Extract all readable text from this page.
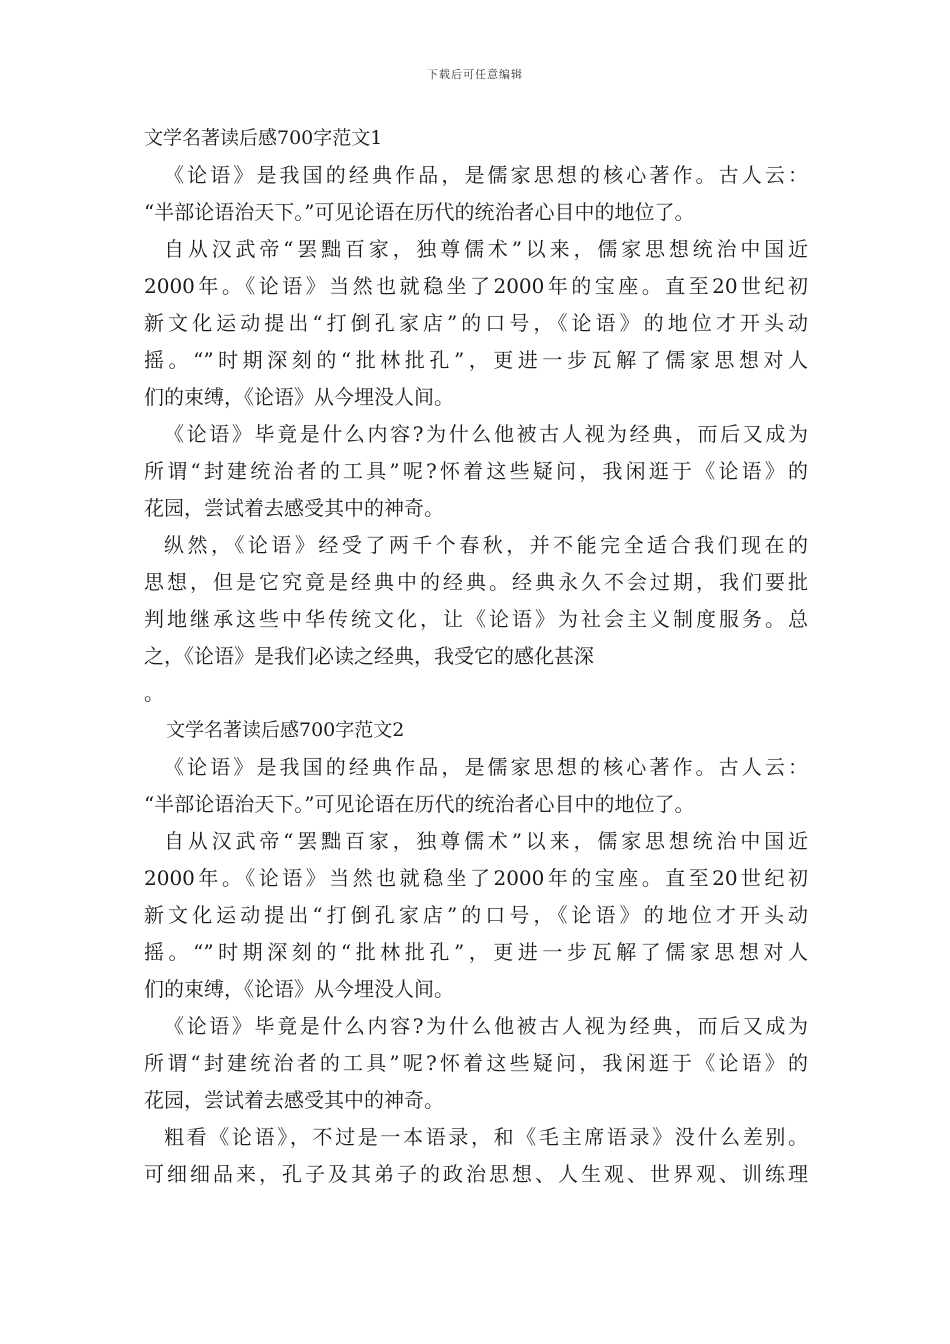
下载后可任意编辑
文学名著读后感700字范文1
《论语》是我国的经典作品，是儒家思想的核心著作。古人云：
“半部论语治天下。”可见论语在历代的统治者心目中的地位了。
自从汉武帝“罢黜百家，独尊儒术”以来，儒家思想统治中国近
2000年。《论语》当然也就稳坐了2000年的宝座。直至20世纪初
新文化运动提出“打倒孔家店”的口号，《论语》的地位才开头动
摇。“”时期深刻的“批林批孔”，更进一步瓦解了儒家思想对人
们的束缚，《论语》从今埋没人间。
《论语》毕竟是什么内容?为什么他被古人视为经典，而后又成为
所谓“封建统治者的工具”呢?怀着这些疑问，我闲逛于《论语》的
花园，尝试着去感受其中的神奇。
纵然，《论语》经受了两千个春秋，并不能完全适合我们现在的
思想，但是它究竟是经典中的经典。经典永久不会过期，我们要批
判地继承这些中华传统文化，让《论语》为社会主义制度服务。总
之，《论语》是我们必读之经典，我受它的感化甚深
。
文学名著读后感700字范文2
《论语》是我国的经典作品，是儒家思想的核心著作。古人云：
“半部论语治天下。”可见论语在历代的统治者心目中的地位了。
自从汉武帝“罢黜百家，独尊儒术”以来，儒家思想统治中国近
2000年。《论语》当然也就稳坐了2000年的宝座。直至20世纪初
新文化运动提出“打倒孔家店”的口号，《论语》的地位才开头动
摇。“”时期深刻的“批林批孔”，更进一步瓦解了儒家思想对人
们的束缚，《论语》从今埋没人间。
《论语》毕竟是什么内容?为什么他被古人视为经典，而后又成为
所谓“封建统治者的工具”呢?怀着这些疑问，我闲逛于《论语》的
花园，尝试着去感受其中的神奇。
粗看《论语》，不过是一本语录，和《毛主席语录》没什么差别。
可细细品来，孔子及其弟子的政治思想、人生观、世界观、训练理
